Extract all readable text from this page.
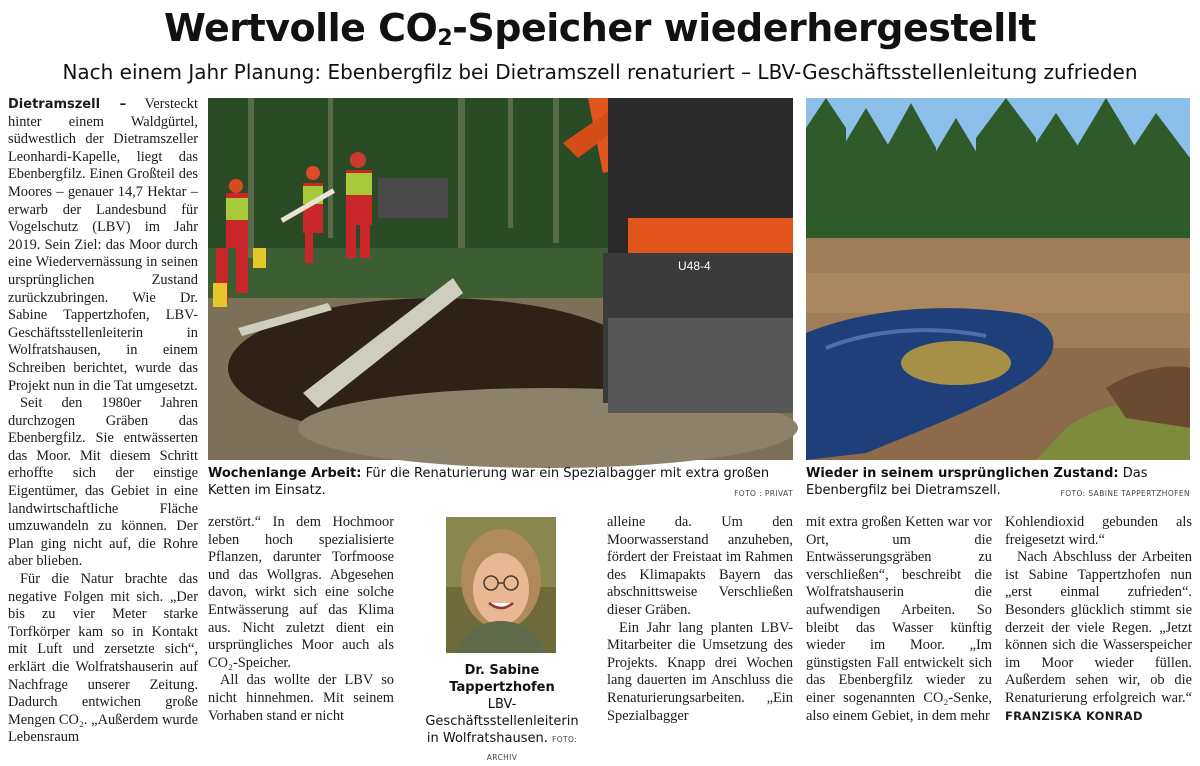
Wertvolle $CO_2$-Speicher wiederhergestellt
Nach einem Jahr Planung: Ebenbergfilz bei Dietramszell renaturiert – LBV-Geschäftsstellenleitung zufrieden

Dietramszell – Versteckt hinter einem Waldgürtel, südwestlich der Dietramszeller Leonhardi-Kapelle, liegt das Ebenbergfilz. Einen Großteil des Moores – genauer 14,7 Hektar – erwarb der Landesbund für Vogelschutz (LBV) im Jahr 2019. Sein Ziel: das Moor durch eine Wiedervernässung in seinen ursprünglichen Zustand zurückzubringen. Wie Dr. Sabine Tappertzhofen, LBV-Geschäftsstellenleiterin in Wolfratshausen, in einem Schreiben berichtet, wurde das Projekt nun in die Tat umgesetzt.

Seit den 1980er Jahren durchzogen Gräben das Ebenbergfilz. Sie entwässerten das Moor. Mit diesem Schritt erhoffte sich der einstige Eigentümer, das Gebiet in eine landwirtschaftliche Fläche umzuwandeln zu können. Der Plan ging nicht auf, die Rohre aber blieben.

Für die Natur brachte das negative Folgen mit sich. „Der bis zu vier Meter starke Torfkörper kam so in Kontakt mit Luft und zersetzte sich“, erklärt die Wolfratshauserin auf Nachfrage unserer Zeitung. Dadurch entwichen große Mengen CO₂. „Außerdem wurde Lebensraum

U48-4
Wochenlange Arbeit: Für die Renaturierung war ein Spezialbagger mit extra großen Ketten im Einsatz.	FOTO : PRIVAT
Wieder in seinem ursprünglichen Zustand: Das Ebenbergfilz bei Dietramszell.	FOTO: SABINE TAPPERTZHOFEN

zerstört.“ In dem Hochmoor leben hoch spezialisierte Pflanzen, darunter Torfmoose und das Wollgras. Abgesehen davon, wirkt sich eine solche Entwässerung auf das Klima aus. Nicht zuletzt dient ein ursprüngliches Moor auch als CO₂-Speicher.

All das wollte der LBV so nicht hinnehmen. Mit seinem Vorhaben stand er nicht

Dr. Sabine Tappertzhofen
LBV-Geschäftsstellenleiterin
in Wolfratshausen. FOTO: ARCHIV

alleine da. Um den Moorwasserstand anzuheben, fördert der Freistaat im Rahmen des Klimapakts Bayern das abschnittsweise Verschließen dieser Gräben.

Ein Jahr lang planten LBV-Mitarbeiter die Umsetzung des Projekts. Knapp drei Wochen lang dauerten im Anschluss die Renaturierungsarbeiten. „Ein Spezialbagger

mit extra großen Ketten war vor Ort, um die Entwässerungsgräben zu verschließen“, beschreibt die Wolfratshauserin die aufwendigen Arbeiten. So bleibt das Wasser künftig wieder im Moor. „Im günstigsten Fall entwickelt sich das Ebenbergfilz wieder zu einer sogenannten CO₂-Senke, also einem Gebiet, in dem mehr

Kohlendioxid gebunden als freigesetzt wird.“

Nach Abschluss der Arbeiten ist Sabine Tappertzhofen nun „erst einmal zufrieden“. Besonders glücklich stimmt sie derzeit der viele Regen. „Jetzt können sich die Wasserspeicher im Moor wieder füllen. Außerdem sehen wir, ob die Renaturierung erfolgreich war.“ FRANZISKA KONRAD
